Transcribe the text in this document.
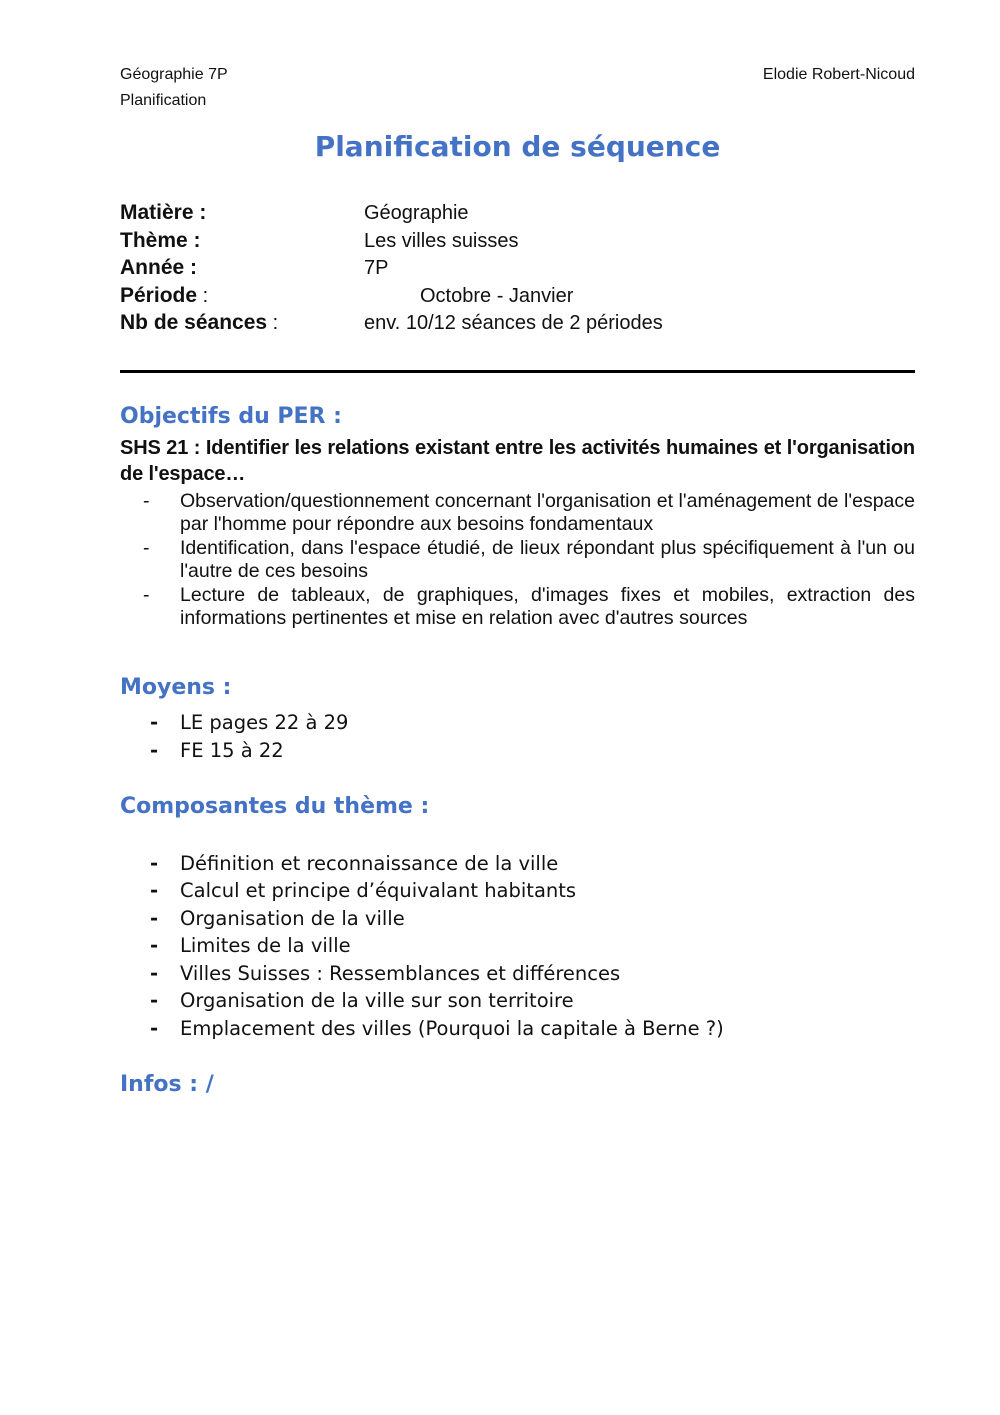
Géographie 7P
Planification
Elodie Robert-Nicoud
Planification de séquence
Matière :	Géographie
Thème :	Les villes suisses
Année :	7P
Période :	Octobre - Janvier
Nb de séances :	env. 10/12 séances de 2 périodes
Objectifs du PER :
SHS 21 : Identifier les relations existant entre les activités humaines et l'organisation de l'espace…
-	Observation/questionnement concernant l'organisation et l'aménagement de l'espace par l'homme pour répondre aux besoins fondamentaux
-	Identification, dans l'espace étudié, de lieux répondant plus spécifiquement à l'un ou l'autre de ces besoins
-	Lecture de tableaux, de graphiques, d'images fixes et mobiles, extraction des informations pertinentes et mise en relation avec d'autres sources
Moyens :
-	LE pages 22 à 29
-	FE 15 à 22
Composantes du thème :
-	Définition et reconnaissance de la ville
-	Calcul et principe d’équivalant habitants
-	Organisation de la ville
-	Limites de la ville
-	Villes Suisses : Ressemblances et différences
-	Organisation de la ville sur son territoire
-	Emplacement des villes (Pourquoi la capitale à Berne ?)
Infos : /
